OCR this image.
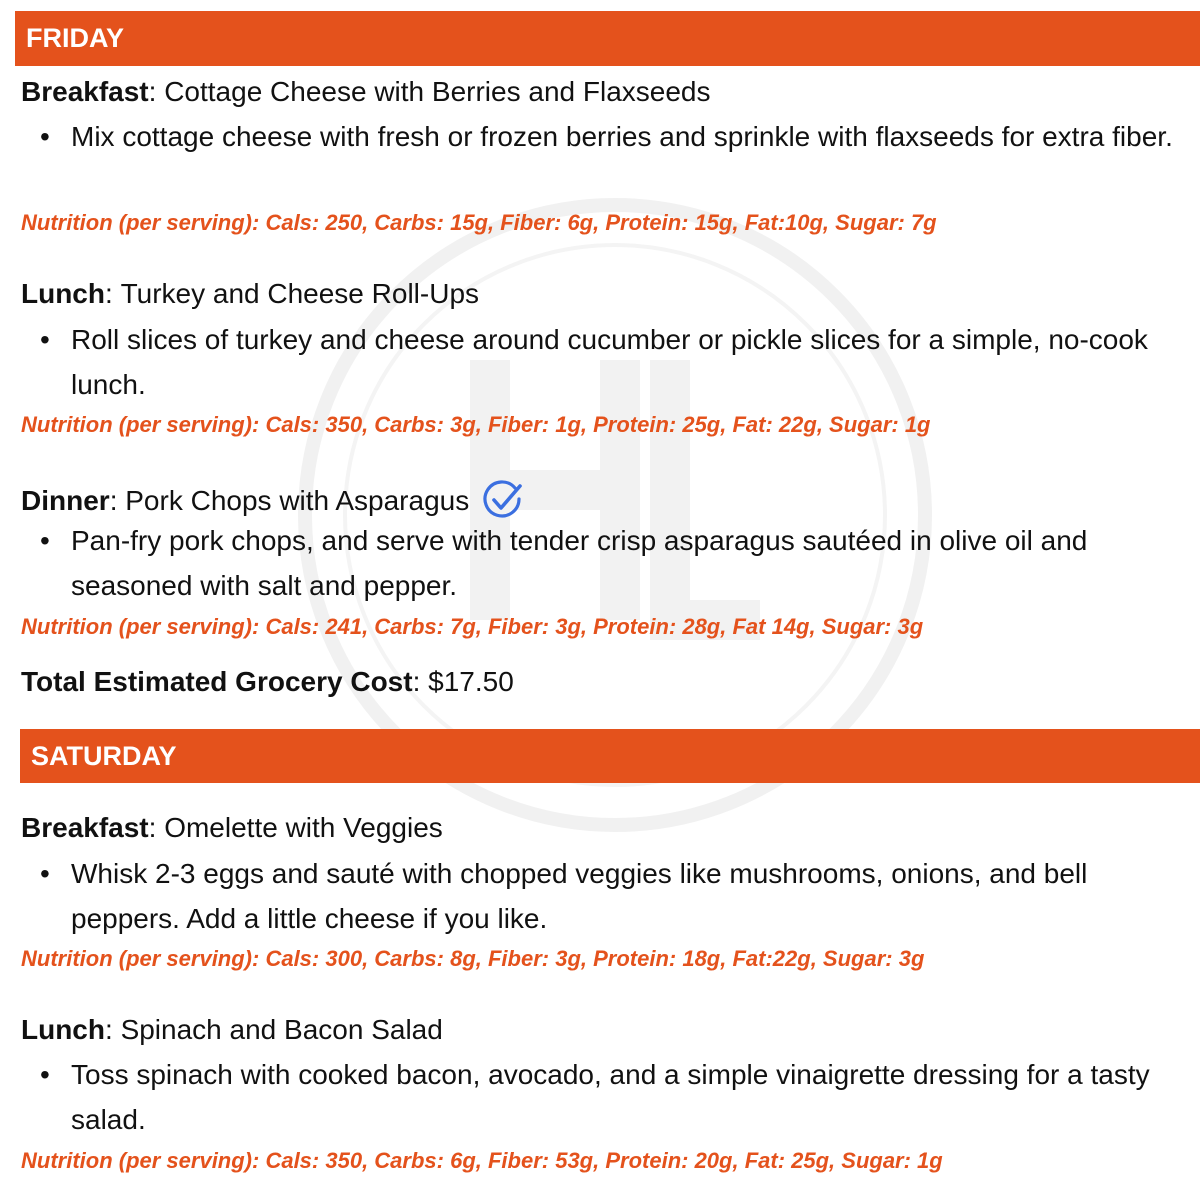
FRIDAY
Breakfast : Cottage Cheese with Berries and Flaxseeds
• Mix cottage cheese with fresh or frozen berries and sprinkle with flaxseeds for extra fiber.
Nutrition (per serving): Cals: 250, Carbs: 15g, Fiber: 6g, Protein: 15g, Fat:10g, Sugar: 7g
Lunch : Turkey and Cheese Roll-Ups
• Roll slices of turkey and cheese around cucumber or pickle slices for a simple, no-cook lunch.
Nutrition (per serving): Cals: 350, Carbs: 3g, Fiber: 1g, Protein: 25g, Fat: 22g, Sugar: 1g
Dinner : Pork Chops with Asparagus
• Pan-fry pork chops, and serve with tender crisp asparagus sautéed in olive oil and seasoned with salt and pepper.
Nutrition (per serving): Cals: 241, Carbs: 7g, Fiber: 3g, Protein: 28g, Fat 14g, Sugar: 3g
Total Estimated Grocery Cost: $17.50
SATURDAY
Breakfast : Omelette with Veggies
• Whisk 2-3 eggs and sauté with chopped veggies like mushrooms, onions, and bell peppers. Add a little cheese if you like.
Nutrition (per serving): Cals: 300, Carbs: 8g, Fiber: 3g, Protein: 18g, Fat:22g, Sugar: 3g
Lunch : Spinach and Bacon Salad
• Toss spinach with cooked bacon, avocado, and a simple vinaigrette dressing for a tasty salad.
Nutrition (per serving): Cals: 350, Carbs: 6g, Fiber: 53g, Protein: 20g, Fat: 25g, Sugar: 1g
